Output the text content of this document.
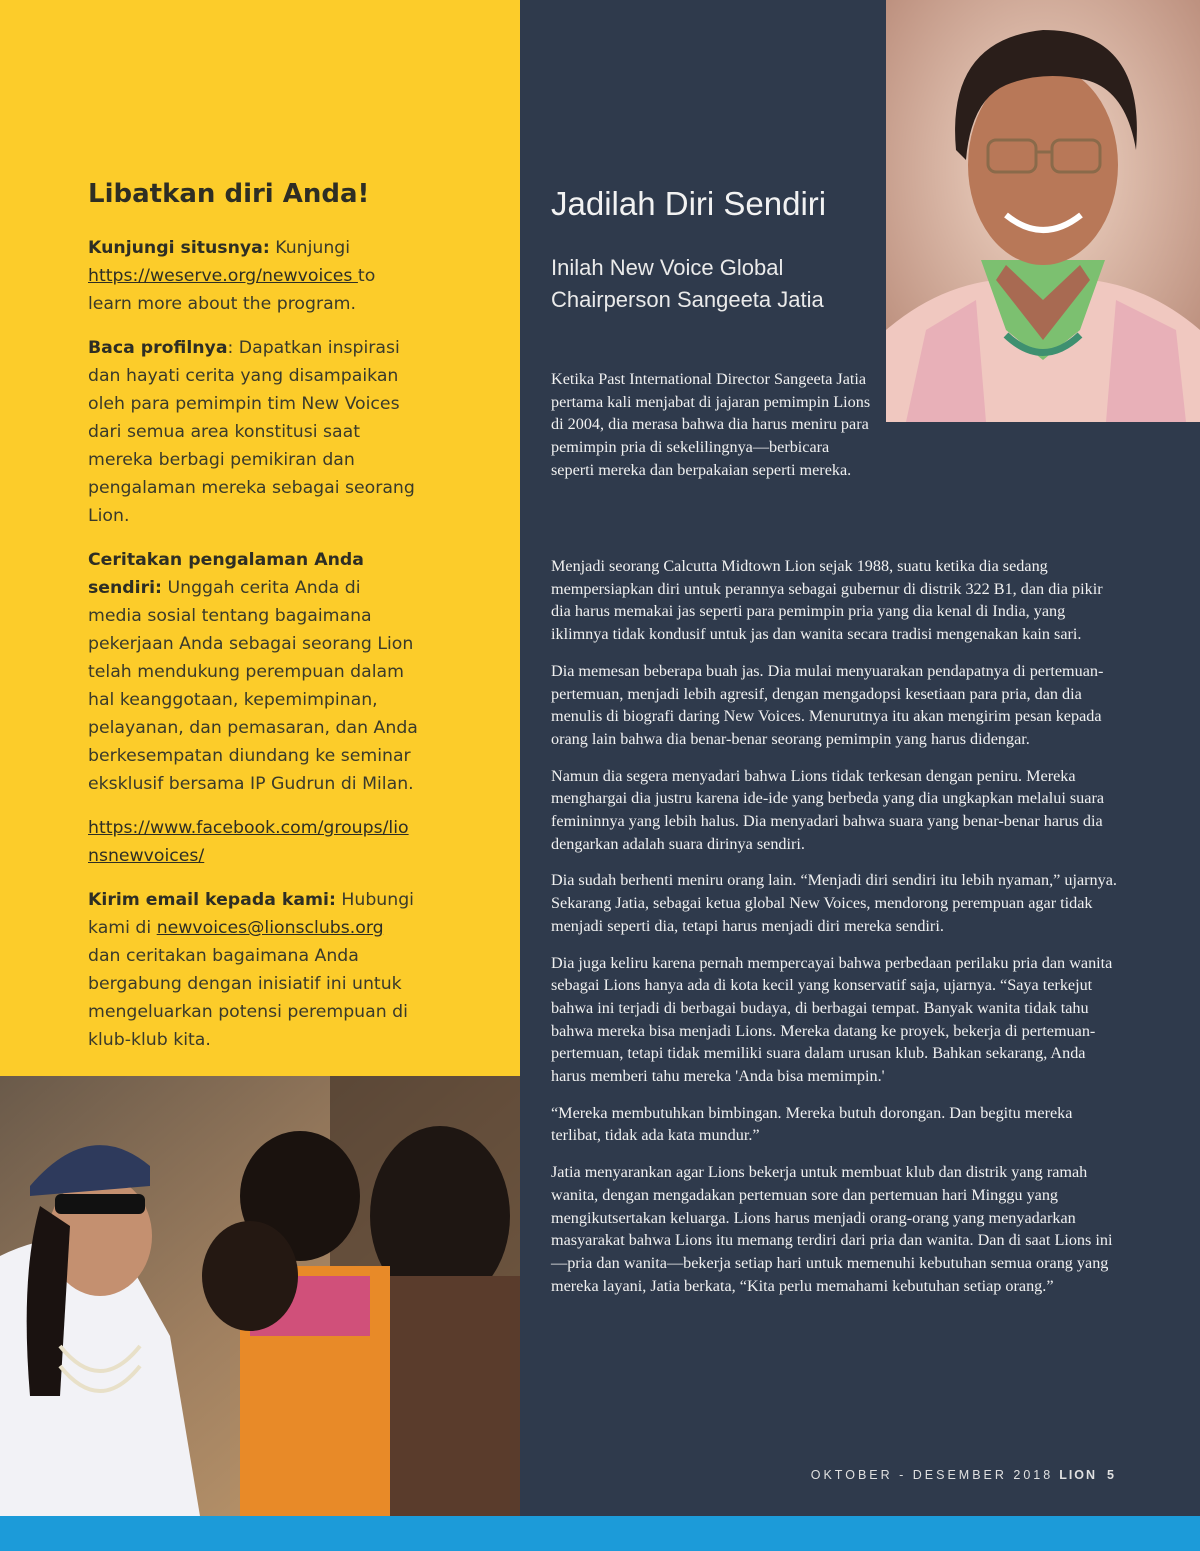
Libatkan diri Anda!

Kunjungi situsnya: Kunjungi https://weserve.org/newvoices to learn more about the program.

Baca profilnya: Dapatkan inspirasi dan hayati cerita yang disampaikan oleh para pemimpin tim New Voices dari semua area konstitusi saat mereka berbagi pemikiran dan pengalaman mereka sebagai seorang Lion.

Ceritakan pengalaman Anda sendiri: Unggah cerita Anda di media sosial tentang bagaimana pekerjaan Anda sebagai seorang Lion telah mendukung perempuan dalam hal keanggotaan, kepemimpinan, pelayanan, dan pemasaran, dan Anda berkesempatan diundang ke seminar eksklusif bersama IP Gudrun di Milan.

https://www.facebook.com/groups/lionsnewvoices/

Kirim email kepada kami: Hubungi kami di newvoices@lionsclubs.org dan ceritakan bagaimana Anda bergabung dengan inisiatif ini untuk mengeluarkan potensi perempuan di klub-klub kita.

Jadilah Diri Sendiri
Inilah New Voice Global Chairperson Sangeeta Jatia

Ketika Past International Director Sangeeta Jatia pertama kali menjabat di jajaran pemimpin Lions di 2004, dia merasa bahwa dia harus meniru para pemimpin pria di sekelilingnya—berbicara seperti mereka dan berpakaian seperti mereka.

Menjadi seorang Calcutta Midtown Lion sejak 1988, suatu ketika dia sedang mempersiapkan diri untuk perannya sebagai gubernur di distrik 322 B1, dan dia pikir dia harus memakai jas seperti para pemimpin pria yang dia kenal di India, yang iklimnya tidak kondusif untuk jas dan wanita secara tradisi mengenakan kain sari.

Dia memesan beberapa buah jas. Dia mulai menyuarakan pendapatnya di pertemuan-pertemuan, menjadi lebih agresif, dengan mengadopsi kesetiaan para pria, dan dia menulis di biografi daring New Voices. Menurutnya itu akan mengirim pesan kepada orang lain bahwa dia benar-benar seorang pemimpin yang harus didengar.

Namun dia segera menyadari bahwa Lions tidak terkesan dengan peniru. Mereka menghargai dia justru karena ide-ide yang berbeda yang dia ungkapkan melalui suara femininnya yang lebih halus. Dia menyadari bahwa suara yang benar-benar harus dia dengarkan adalah suara dirinya sendiri.

Dia sudah berhenti meniru orang lain. “Menjadi diri sendiri itu lebih nyaman,” ujarnya. Sekarang Jatia, sebagai ketua global New Voices, mendorong perempuan agar tidak menjadi seperti dia, tetapi harus menjadi diri mereka sendiri.

Dia juga keliru karena pernah mempercayai bahwa perbedaan perilaku pria dan wanita sebagai Lions hanya ada di kota kecil yang konservatif saja, ujarnya. “Saya terkejut bahwa ini terjadi di berbagai budaya, di berbagai tempat. Banyak wanita tidak tahu bahwa mereka bisa menjadi Lions. Mereka datang ke proyek, bekerja di pertemuan-pertemuan, tetapi tidak memiliki suara dalam urusan klub. Bahkan sekarang, Anda harus memberi tahu mereka 'Anda bisa memimpin.'

“Mereka membutuhkan bimbingan. Mereka butuh dorongan. Dan begitu mereka terlibat, tidak ada kata mundur.”

Jatia menyarankan agar Lions bekerja untuk membuat klub dan distrik yang ramah wanita, dengan mengadakan pertemuan sore dan pertemuan hari Minggu yang mengikutsertakan keluarga. Lions harus menjadi orang-orang yang menyadarkan masyarakat bahwa Lions itu memang terdiri dari pria dan wanita. Dan di saat Lions ini—pria dan wanita—bekerja setiap hari untuk memenuhi kebutuhan semua orang yang mereka layani, Jatia berkata, “Kita perlu memahami kebutuhan setiap orang.”

OKTOBER - DESEMBER 2018 LION 5
